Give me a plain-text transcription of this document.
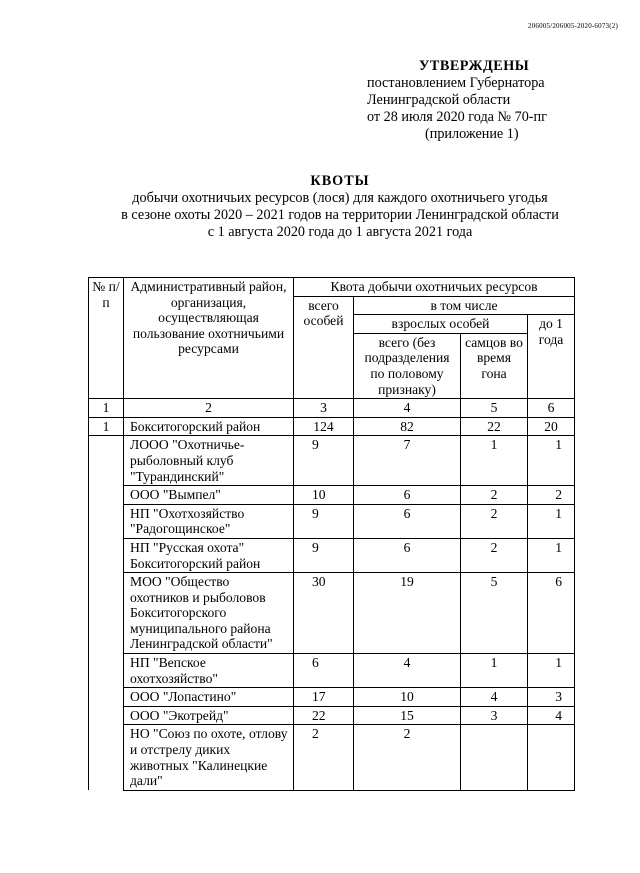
206005/206005-2020-6073(2)
УТВЕРЖДЕНЫ
постановлением Губернатора
Ленинградской области
от 28 июля 2020 года № 70-пг
(приложение 1)
КВОТЫ
добычи охотничьих ресурсов (лося) для каждого охотничьего угодья
в сезоне охоты 2020 – 2021 годов на территории Ленинградской области
с 1 августа 2020 года до 1 августа 2021 года
№ п/п	Административный район, организация, осуществляющая пользование охотничьими ресурсами	Квота добычи охотничьих ресурсов			
		всего особей	в том числе		
			взрослых особей		до 1 года
			всего (без подразделения по половому признаку)	самцов во время гона	
1	2	3	4	5	6
1	Бокситогорский район	124	82	22	20
	ЛООО "Охотничье-рыболовный клуб "Турандинский"	9	7	1	1
	ООО "Вымпел"	10	6	2	2
	НП "Охотхозяйство "Радогощинское"	9	6	2	1
	НП "Русская охота" Бокситогорский район	9	6	2	1
	МОО "Общество охотников и рыболовов Бокситогорского муниципального района Ленинградской области"	30	19	5	6
	НП "Вепское охотхозяйство"	6	4	1	1
	ООО "Лопастино"	17	10	4	3
	ООО "Экотрейд"	22	15	3	4
	НО "Союз по охоте, отлову и отстрелу диких животных "Калинецкие дали"	2	2		
